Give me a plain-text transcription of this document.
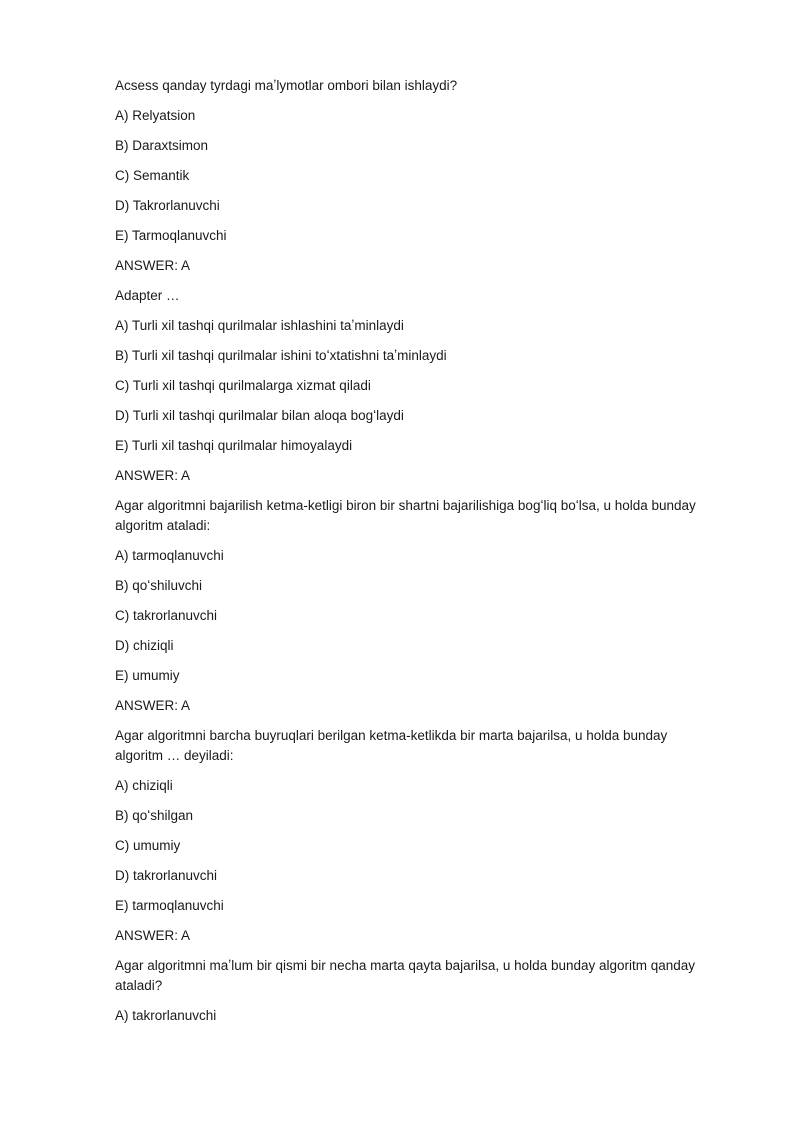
Acsess qanday tyrdagi maʼlymotlar ombori bilan ishlaydi?

A) Relyatsion

B) Daraxtsimon

C) Semantik

D) Takrorlanuvchi

E) Tarmoqlanuvchi

ANSWER: A

Adapter …

A) Turli xil tashqi qurilmalar ishlashini taʼminlaydi

B) Turli xil tashqi qurilmalar ishini toʻxtatishni taʼminlaydi

C) Turli xil tashqi qurilmalarga xizmat qiladi

D) Turli xil tashqi qurilmalar bilan aloqa bogʻlaydi

E) Turli xil tashqi qurilmalar himoyalaydi

ANSWER: A

Agar algoritmni bajarilish ketma-ketligi biron bir shartni bajarilishiga bogʻliq boʻlsa, u holda bunday algoritm ataladi:

A) tarmoqlanuvchi

B) qoʻshiluvchi

C) takrorlanuvchi

D) chiziqli

E) umumiy

ANSWER: A

Agar algoritmni barcha buyruqlari berilgan ketma-ketlikda bir marta bajarilsa, u holda bunday algoritm … deyiladi:

A) chiziqli

B) qoʻshilgan

C) umumiy

D) takrorlanuvchi

E) tarmoqlanuvchi

ANSWER: A

Agar algoritmni maʼlum bir qismi bir necha marta qayta bajarilsa, u holda bunday algoritm qanday ataladi?

A) takrorlanuvchi
